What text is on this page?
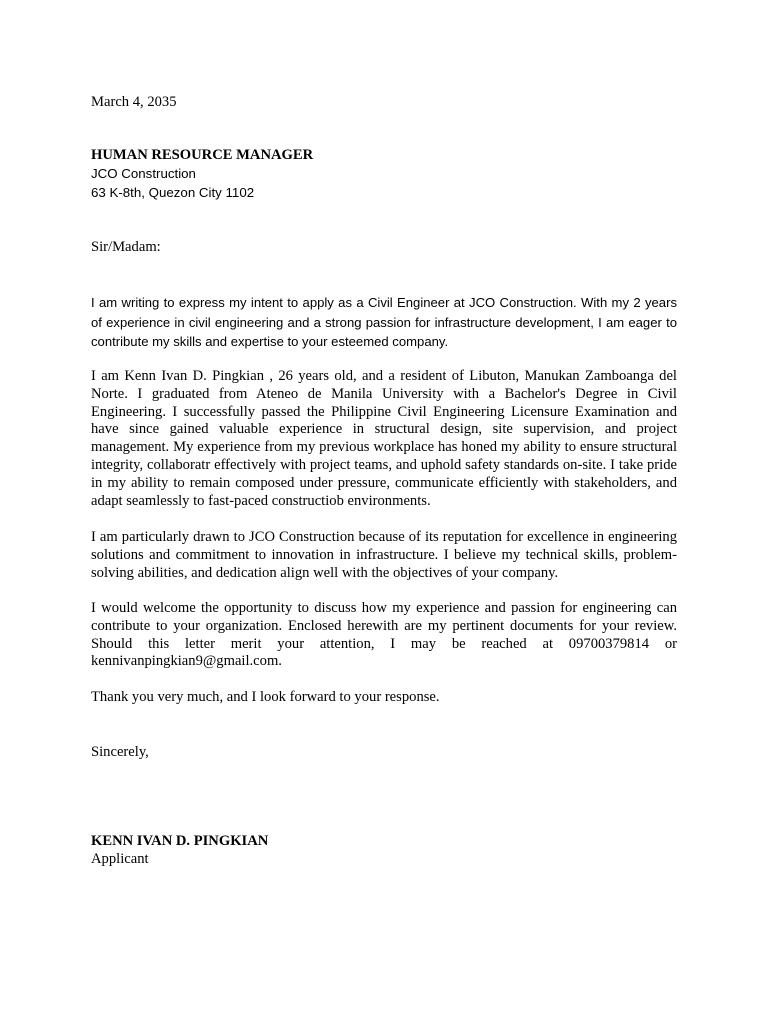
March 4, 2035
HUMAN RESOURCE MANAGER
JCO Construction
63 K-8th, Quezon City 1102
Sir/Madam:

I am writing to express my intent to apply as a Civil Engineer at JCO Construction. With my 2 years of experience in civil engineering and a strong passion for infrastructure development, I am eager to contribute my skills and expertise to your esteemed company.

I am Kenn Ivan D. Pingkian , 26 years old, and a resident of Libuton, Manukan Zamboanga del Norte. I graduated from Ateneo de Manila University with a Bachelor's Degree in Civil Engineering. I successfully passed the Philippine Civil Engineering Licensure Examination and have since gained valuable experience in structural design, site supervision, and project management. My experience from my previous workplace has honed my ability to ensure structural integrity, collaboratr effectively with project teams, and uphold safety standards on-site. I take pride in my ability to remain composed under pressure, communicate efficiently with stakeholders, and adapt seamlessly to fast-paced constructiob environments.

I am particularly drawn to JCO Construction because of its reputation for excellence in engineering solutions and commitment to innovation in infrastructure. I believe my technical skills, problem-solving abilities, and dedication align well with the objectives of your company.

I would welcome the opportunity to discuss how my experience and passion for engineering can contribute to your organization. Enclosed herewith are my pertinent documents for your review. Should this letter merit your attention, I may be reached at 09700379814 or kennivanpingkian9@gmail.com.

Thank you very much, and I look forward to your response.

Sincerely,
KENN IVAN D. PINGKIAN
Applicant
